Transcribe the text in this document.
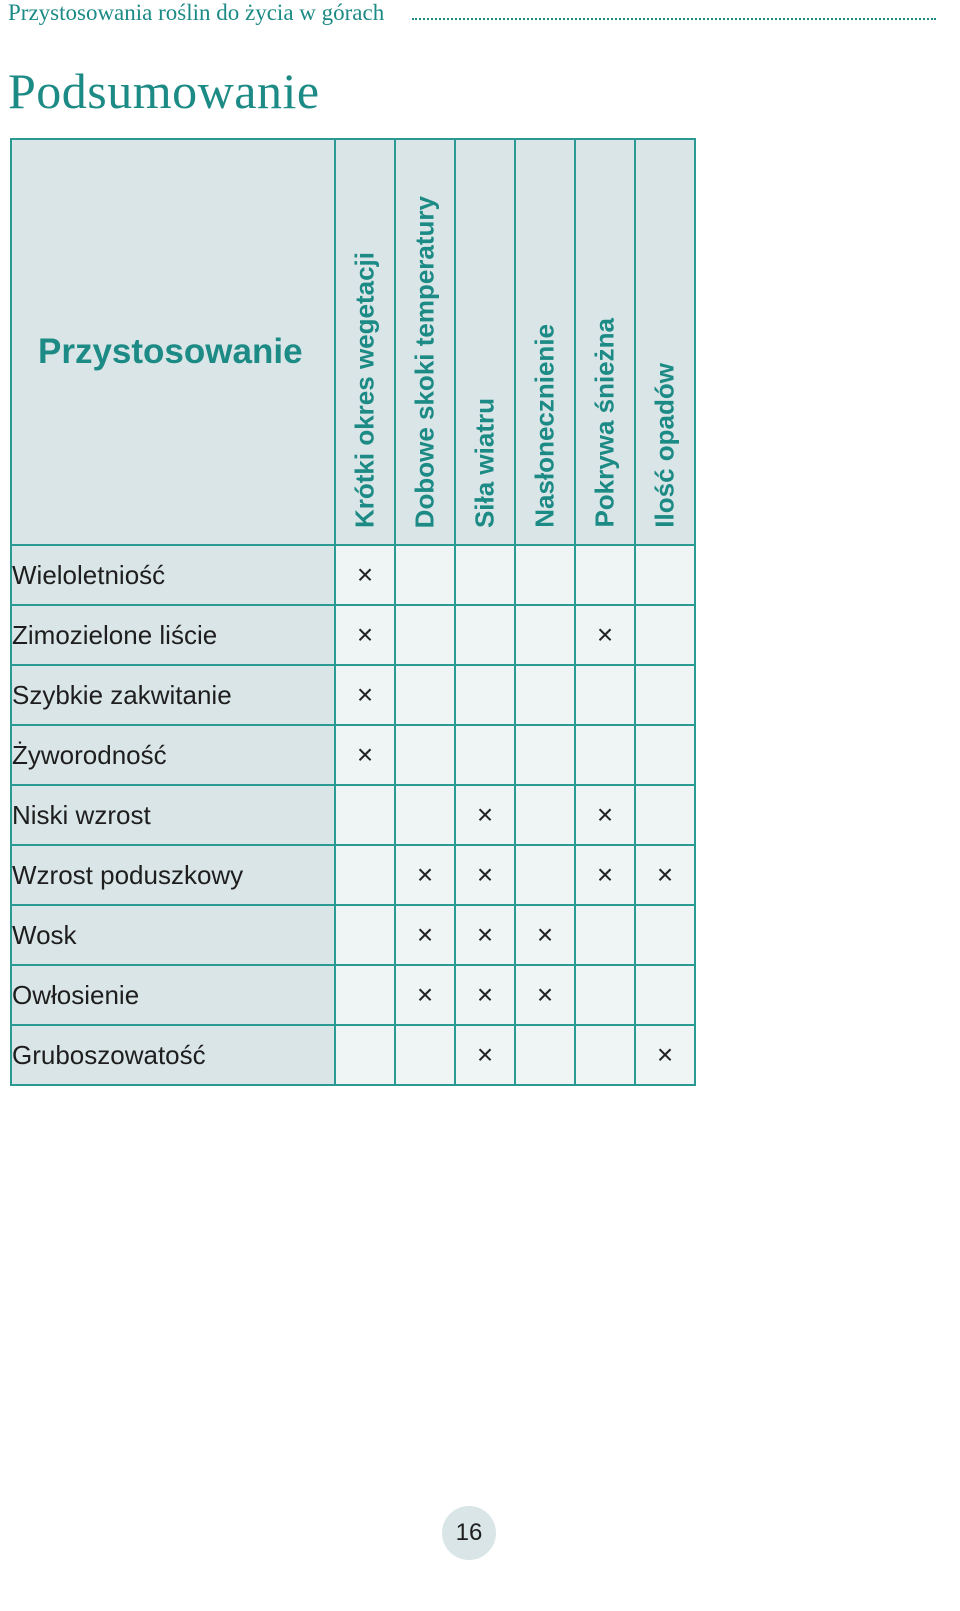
Przystosowania roślin do życia w górach
Podsumowanie
Przystosowanie	Krótki okres wegetacji	Dobowe skoki temperatury	Siła wiatru	Nasłonecznienie	Pokrywa śnieżna	Ilość opadów

Wieloletniość	×					
Zimozielone liście	×				×	
Szybkie zakwitanie	×					
Żyworodność	×					
Niski wzrost			×		×	
Wzrost poduszkowy		×	×		×	×
Wosk		×	×	×		
Owłosienie		×	×	×		
Gruboszowatość			×			×
16
